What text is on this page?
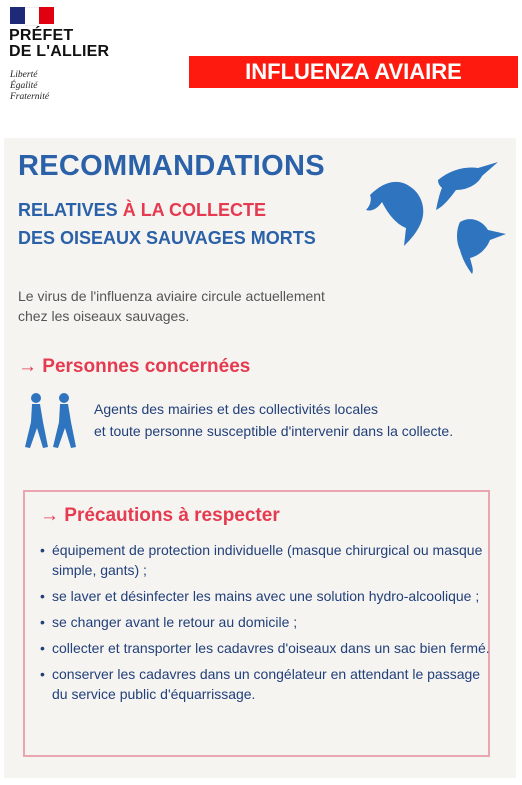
PRÉFET
DE L'ALLIER
Liberté
Égalité
Fraternité
INFLUENZA AVIAIRE
RECOMMANDATIONS
RELATIVES À LA COLLECTE
DES OISEAUX SAUVAGES MORTS
Le virus de l'influenza aviaire circule actuellement
chez les oiseaux sauvages.
→ Personnes concernées
Agents des mairies et des collectivités locales
et toute personne susceptible d'intervenir dans la collecte.
→ Précautions à respecter
• équipement de protection individuelle (masque chirurgical ou masque simple, gants) ;
• se laver et désinfecter les mains avec une solution hydro-alcoolique ;
• se changer avant le retour au domicile ;
• collecter et transporter les cadavres d'oiseaux dans un sac bien fermé.
• conserver les cadavres dans un congélateur en attendant le passage du service public d'équarrissage.
